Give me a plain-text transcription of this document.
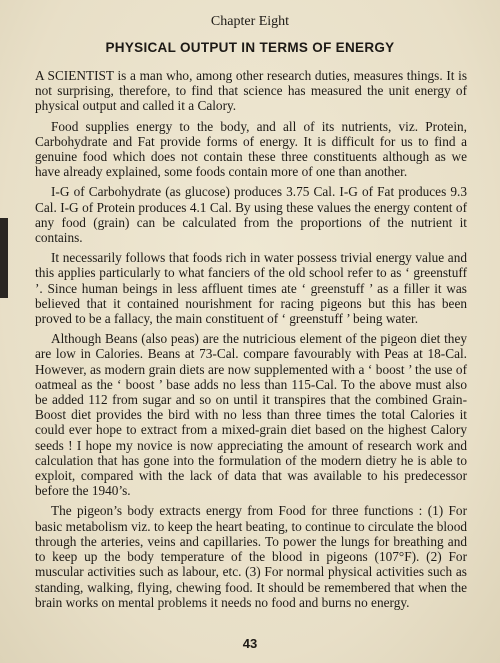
Chapter Eight
PHYSICAL OUTPUT IN TERMS OF ENERGY

A SCIENTIST is a man who, among other research duties, measures things. It is not surprising, therefore, to find that science has measured the unit energy of physical output and called it a Calory.

Food supplies energy to the body, and all of its nutrients, viz. Protein, Carbohydrate and Fat provide forms of energy. It is difficult for us to find a genuine food which does not contain these three constituents although as we have already explained, some foods contain more of one than another.

I-G of Carbohydrate (as glucose) produces 3.75 Cal. I-G of Fat produces 9.3 Cal. I-G of Protein produces 4.1 Cal. By using these values the energy content of any food (grain) can be calculated from the proportions of the nutrient it contains.

It necessarily follows that foods rich in water possess trivial energy value and this applies particularly to what fanciers of the old school refer to as ‘ greenstuff ’. Since human beings in less affluent times ate ‘ greenstuff ’ as a filler it was believed that it contained nourishment for racing pigeons but this has been proved to be a fallacy, the main constituent of ‘ greenstuff ’ being water.

Although Beans (also peas) are the nutricious element of the pigeon diet they are low in Calories. Beans at 73-Cal. compare favourably with Peas at 18-Cal. However, as modern grain diets are now supplemented with a ‘ boost ’ the use of oatmeal as the ‘ boost ’ base adds no less than 115-Cal. To the above must also be added 112 from sugar and so on until it transpires that the combined Grain-Boost diet provides the bird with no less than three times the total Calories it could ever hope to extract from a mixed-grain diet based on the highest Calory seeds ! I hope my novice is now appreciating the amount of research work and calculation that has gone into the formulation of the modern dietry he is able to exploit, compared with the lack of data that was available to his predecessor before the 1940’s.

The pigeon’s body extracts energy from Food for three functions : (1) For basic metabolism viz. to keep the heart beating, to continue to circulate the blood through the arteries, veins and capillaries. To power the lungs for breathing and to keep up the body temperature of the blood in pigeons (107°F). (2) For muscular activities such as labour, etc. (3) For normal physical activities such as standing, walking, flying, chewing food. It should be remembered that when the brain works on mental problems it needs no food and burns no energy.

43
